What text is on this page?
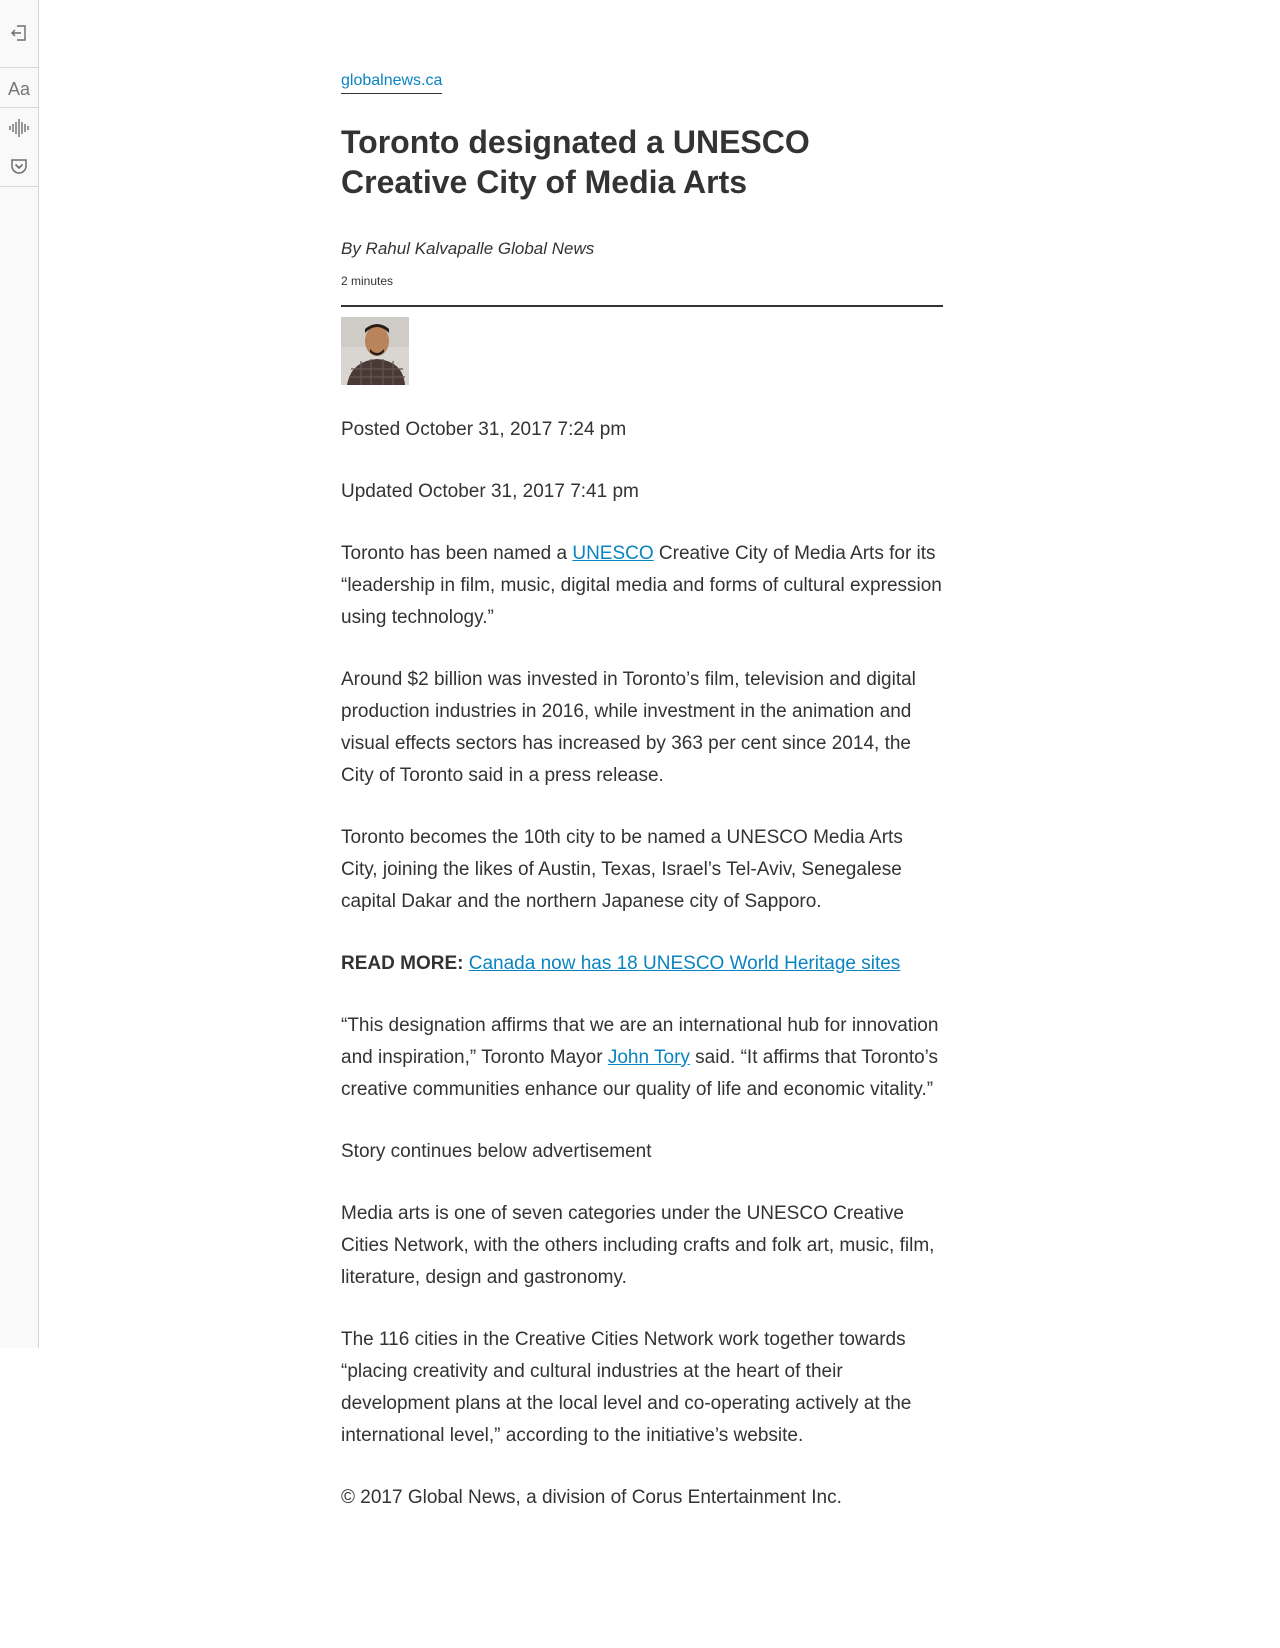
Aa	globalnews.ca
Toronto designated a UNESCO Creative City of Media Arts
By Rahul Kalvapalle Global News
2 minutes

Posted October 31, 2017 7:24 pm

Updated October 31, 2017 7:41 pm

Toronto has been named a UNESCO Creative City of Media Arts for its “leadership in film, music, digital media and forms of cultural expression using technology.”

Around $2 billion was invested in Toronto’s film, television and digital production industries in 2016, while investment in the animation and visual effects sectors has increased by 363 per cent since 2014, the City of Toronto said in a press release.

Toronto becomes the 10th city to be named a UNESCO Media Arts City, joining the likes of Austin, Texas, Israel’s Tel-Aviv, Senegalese capital Dakar and the northern Japanese city of Sapporo.

READ MORE: Canada now has 18 UNESCO World Heritage sites

“This designation affirms that we are an international hub for innovation and inspiration,” Toronto Mayor John Tory said. “It affirms that Toronto’s creative communities enhance our quality of life and economic vitality.”

Story continues below advertisement

Media arts is one of seven categories under the UNESCO Creative Cities Network, with the others including crafts and folk art, music, film, literature, design and gastronomy.

The 116 cities in the Creative Cities Network work together towards “placing creativity and cultural industries at the heart of their development plans at the local level and co-operating actively at the international level,” according to the initiative’s website.

© 2017 Global News, a division of Corus Entertainment Inc.
